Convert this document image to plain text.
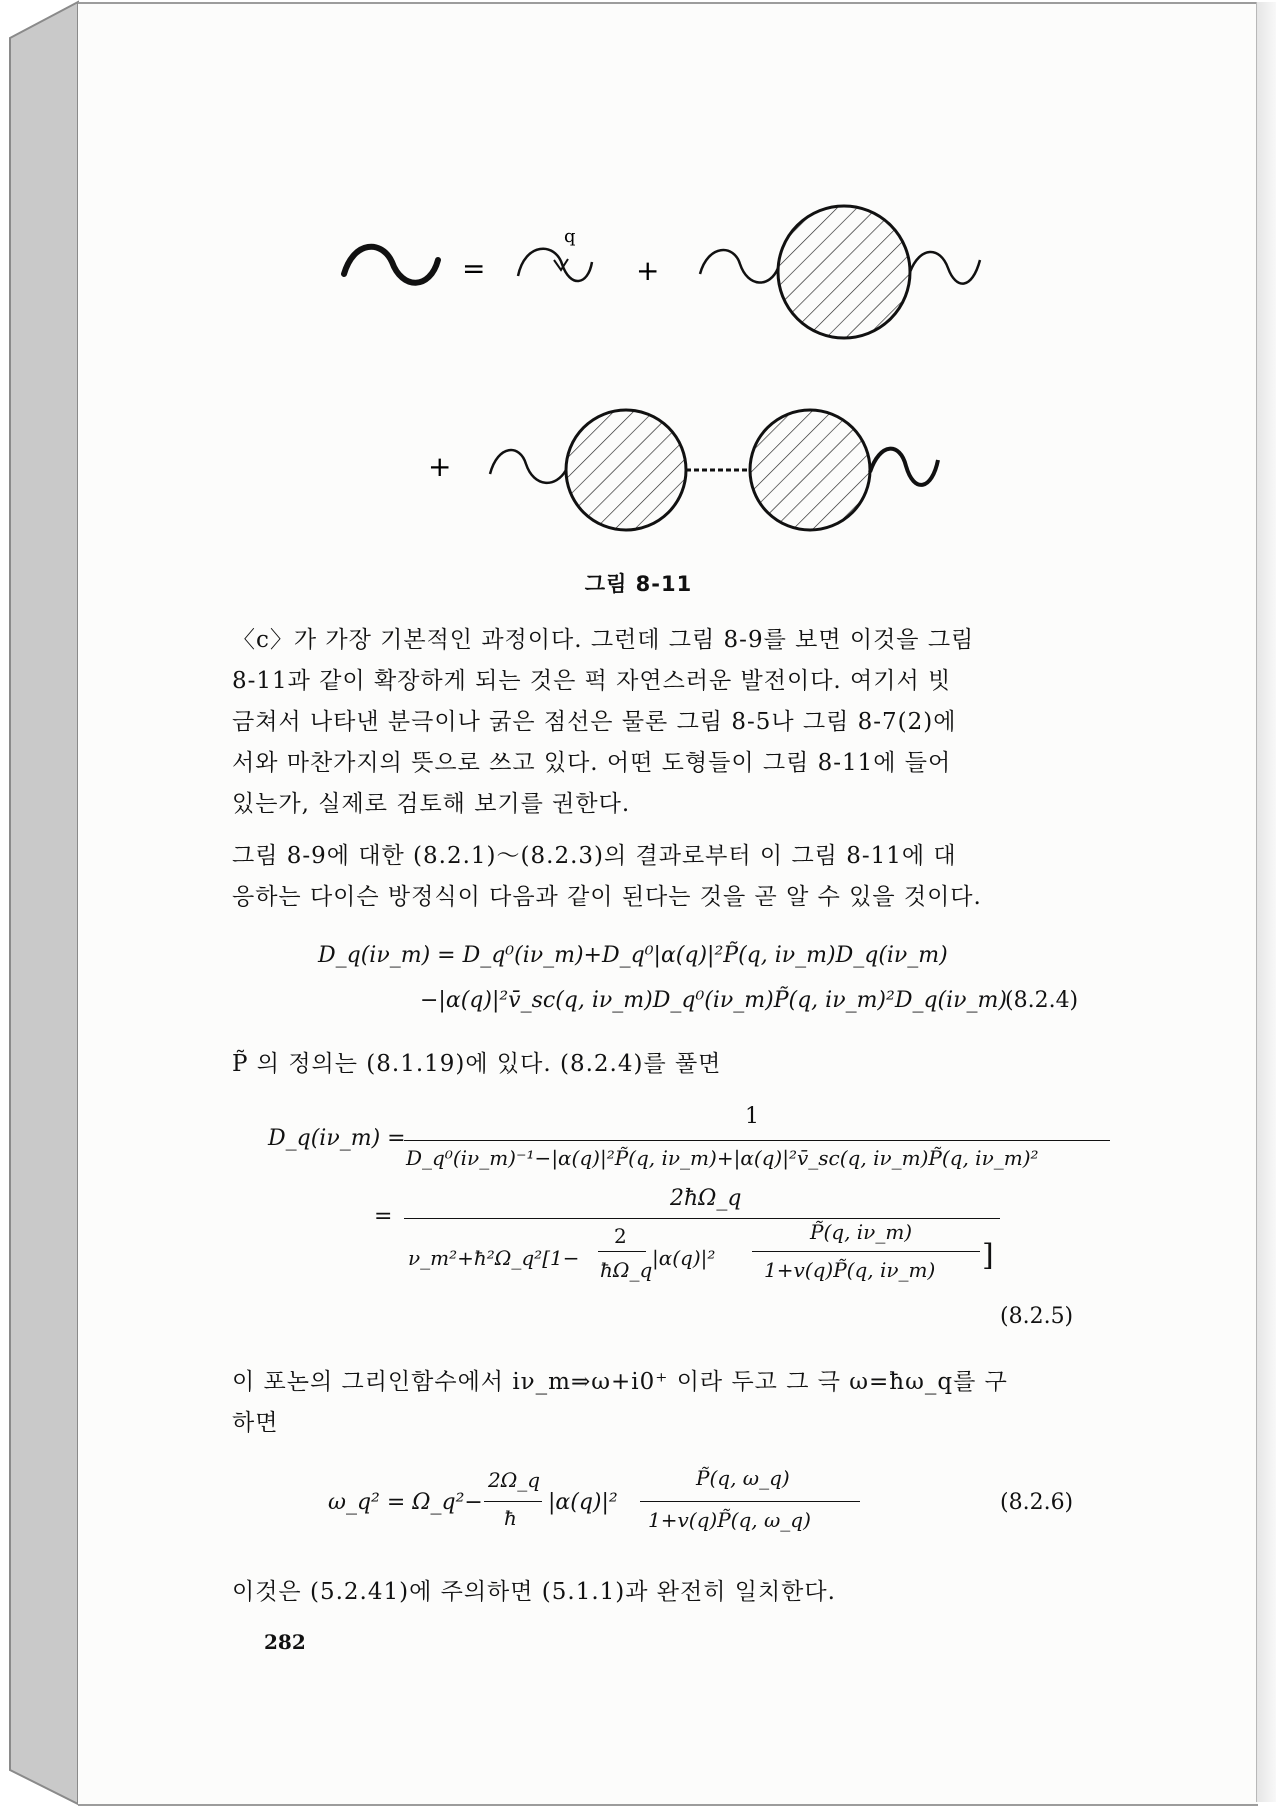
=
q
+
+
그림 8-11
〈c〉가 가장 기본적인 과정이다. 그런데 그림 8-9를 보면 이것을 그림
8-11과 같이 확장하게 되는 것은 퍽 자연스러운 발전이다. 여기서 빗
금쳐서 나타낸 분극이나 굵은 점선은 물론 그림 8-5나 그림 8-7(2)에
서와 마찬가지의 뜻으로 쓰고 있다. 어떤 도형들이 그림 8-11에 들어
있는가, 실제로 검토해 보기를 권한다.
그림 8-9에 대한 (8.2.1)～(8.2.3)의 결과로부터 이 그림 8-11에 대
응하는 다이슨 방정식이 다음과 같이 된다는 것을 곧 알 수 있을 것이다.
D_q(iν_m) = D_q⁰(iν_m)+D_q⁰|α(q)|²P̃(q, iν_m)D_q(iν_m)
−|α(q)|²v̄_sc(q, iν_m)D_q⁰(iν_m)P̃(q, iν_m)²D_q(iν_m)
(8.2.4)
P̃ 의 정의는 (8.1.19)에 있다. (8.2.4)를 풀면
D_q(iν_m) =
1
D_q⁰(iν_m)⁻¹−|α(q)|²P̃(q, iν_m)+|α(q)|²v̄_sc(q, iν_m)P̃(q, iν_m)²
=
2ħΩ_q
ν_m²+ħ²Ω_q²[1−
2
ħΩ_q |α(q)|²
P̃(q, iν_m)
1+v(q)P̃(q, iν_m) ]
(8.2.5)
이 포논의 그리인함수에서 iν_m⇒ω+i0⁺ 이라 두고 그 극 ω=ħω_q를 구
하면
ω_q² = Ω_q²−
2Ω_q
ħ
|α(q)|²
P̃(q, ω_q)
1+v(q)P̃(q, ω_q)
(8.2.6)
이것은 (5.2.41)에 주의하면 (5.1.1)과 완전히 일치한다.
282
